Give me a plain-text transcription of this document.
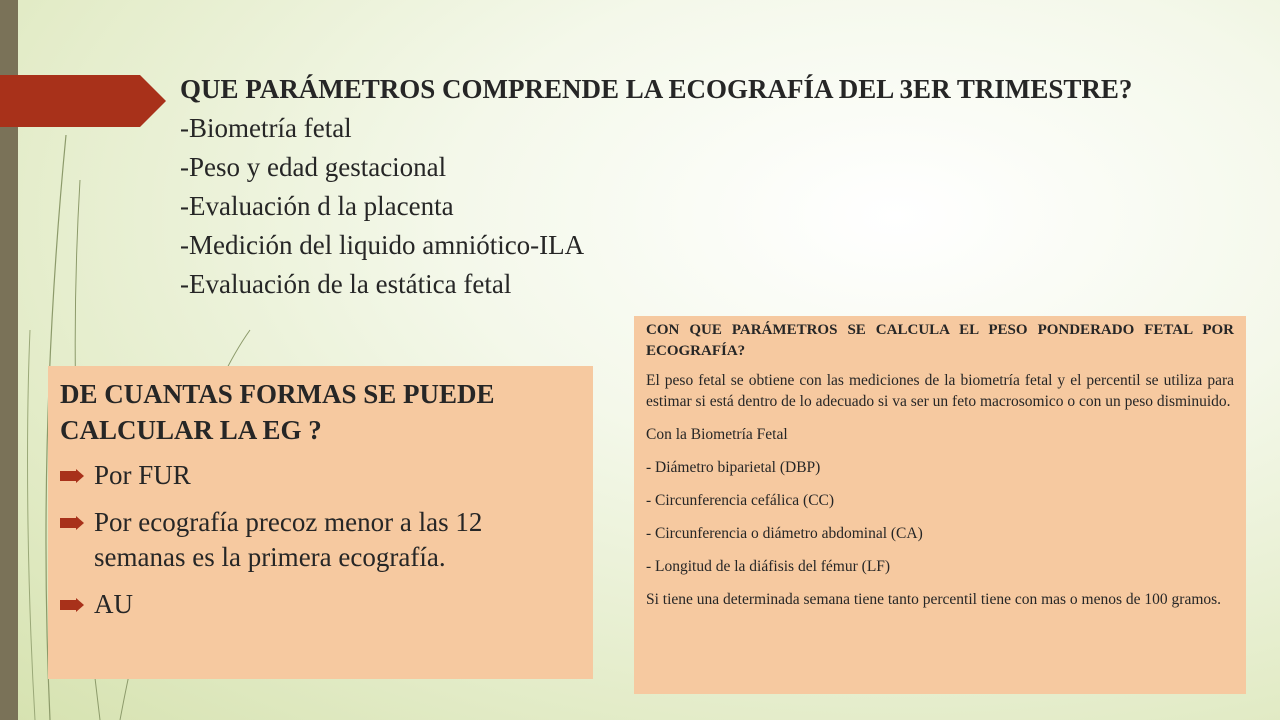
QUE PARÁMETROS COMPRENDE LA ECOGRAFÍA DEL 3ER TRIMESTRE?
-Biometría fetal
-Peso y edad gestacional
-Evaluación d la placenta
-Medición del liquido amniótico-ILA
-Evaluación de la estática fetal
DE CUANTAS FORMAS SE PUEDE CALCULAR LA EG ?
Por FUR
Por ecografía precoz menor a las 12 semanas es la primera ecografía.
AU

CON QUE PARÁMETROS SE CALCULA EL PESO PONDERADO FETAL POR ECOGRAFÍA?

El peso fetal se obtiene con las mediciones de la biometría fetal y el percentil se utiliza para estimar si está dentro de lo adecuado si va ser un feto macrosomico o con un peso disminuido.

Con la Biometría Fetal

- Diámetro biparietal (DBP)

- Circunferencia cefálica (CC)

- Circunferencia o diámetro abdominal (CA)

- Longitud de la diáfisis del fémur (LF)

Si tiene una determinada semana tiene tanto percentil tiene con mas o menos de 100 gramos.
